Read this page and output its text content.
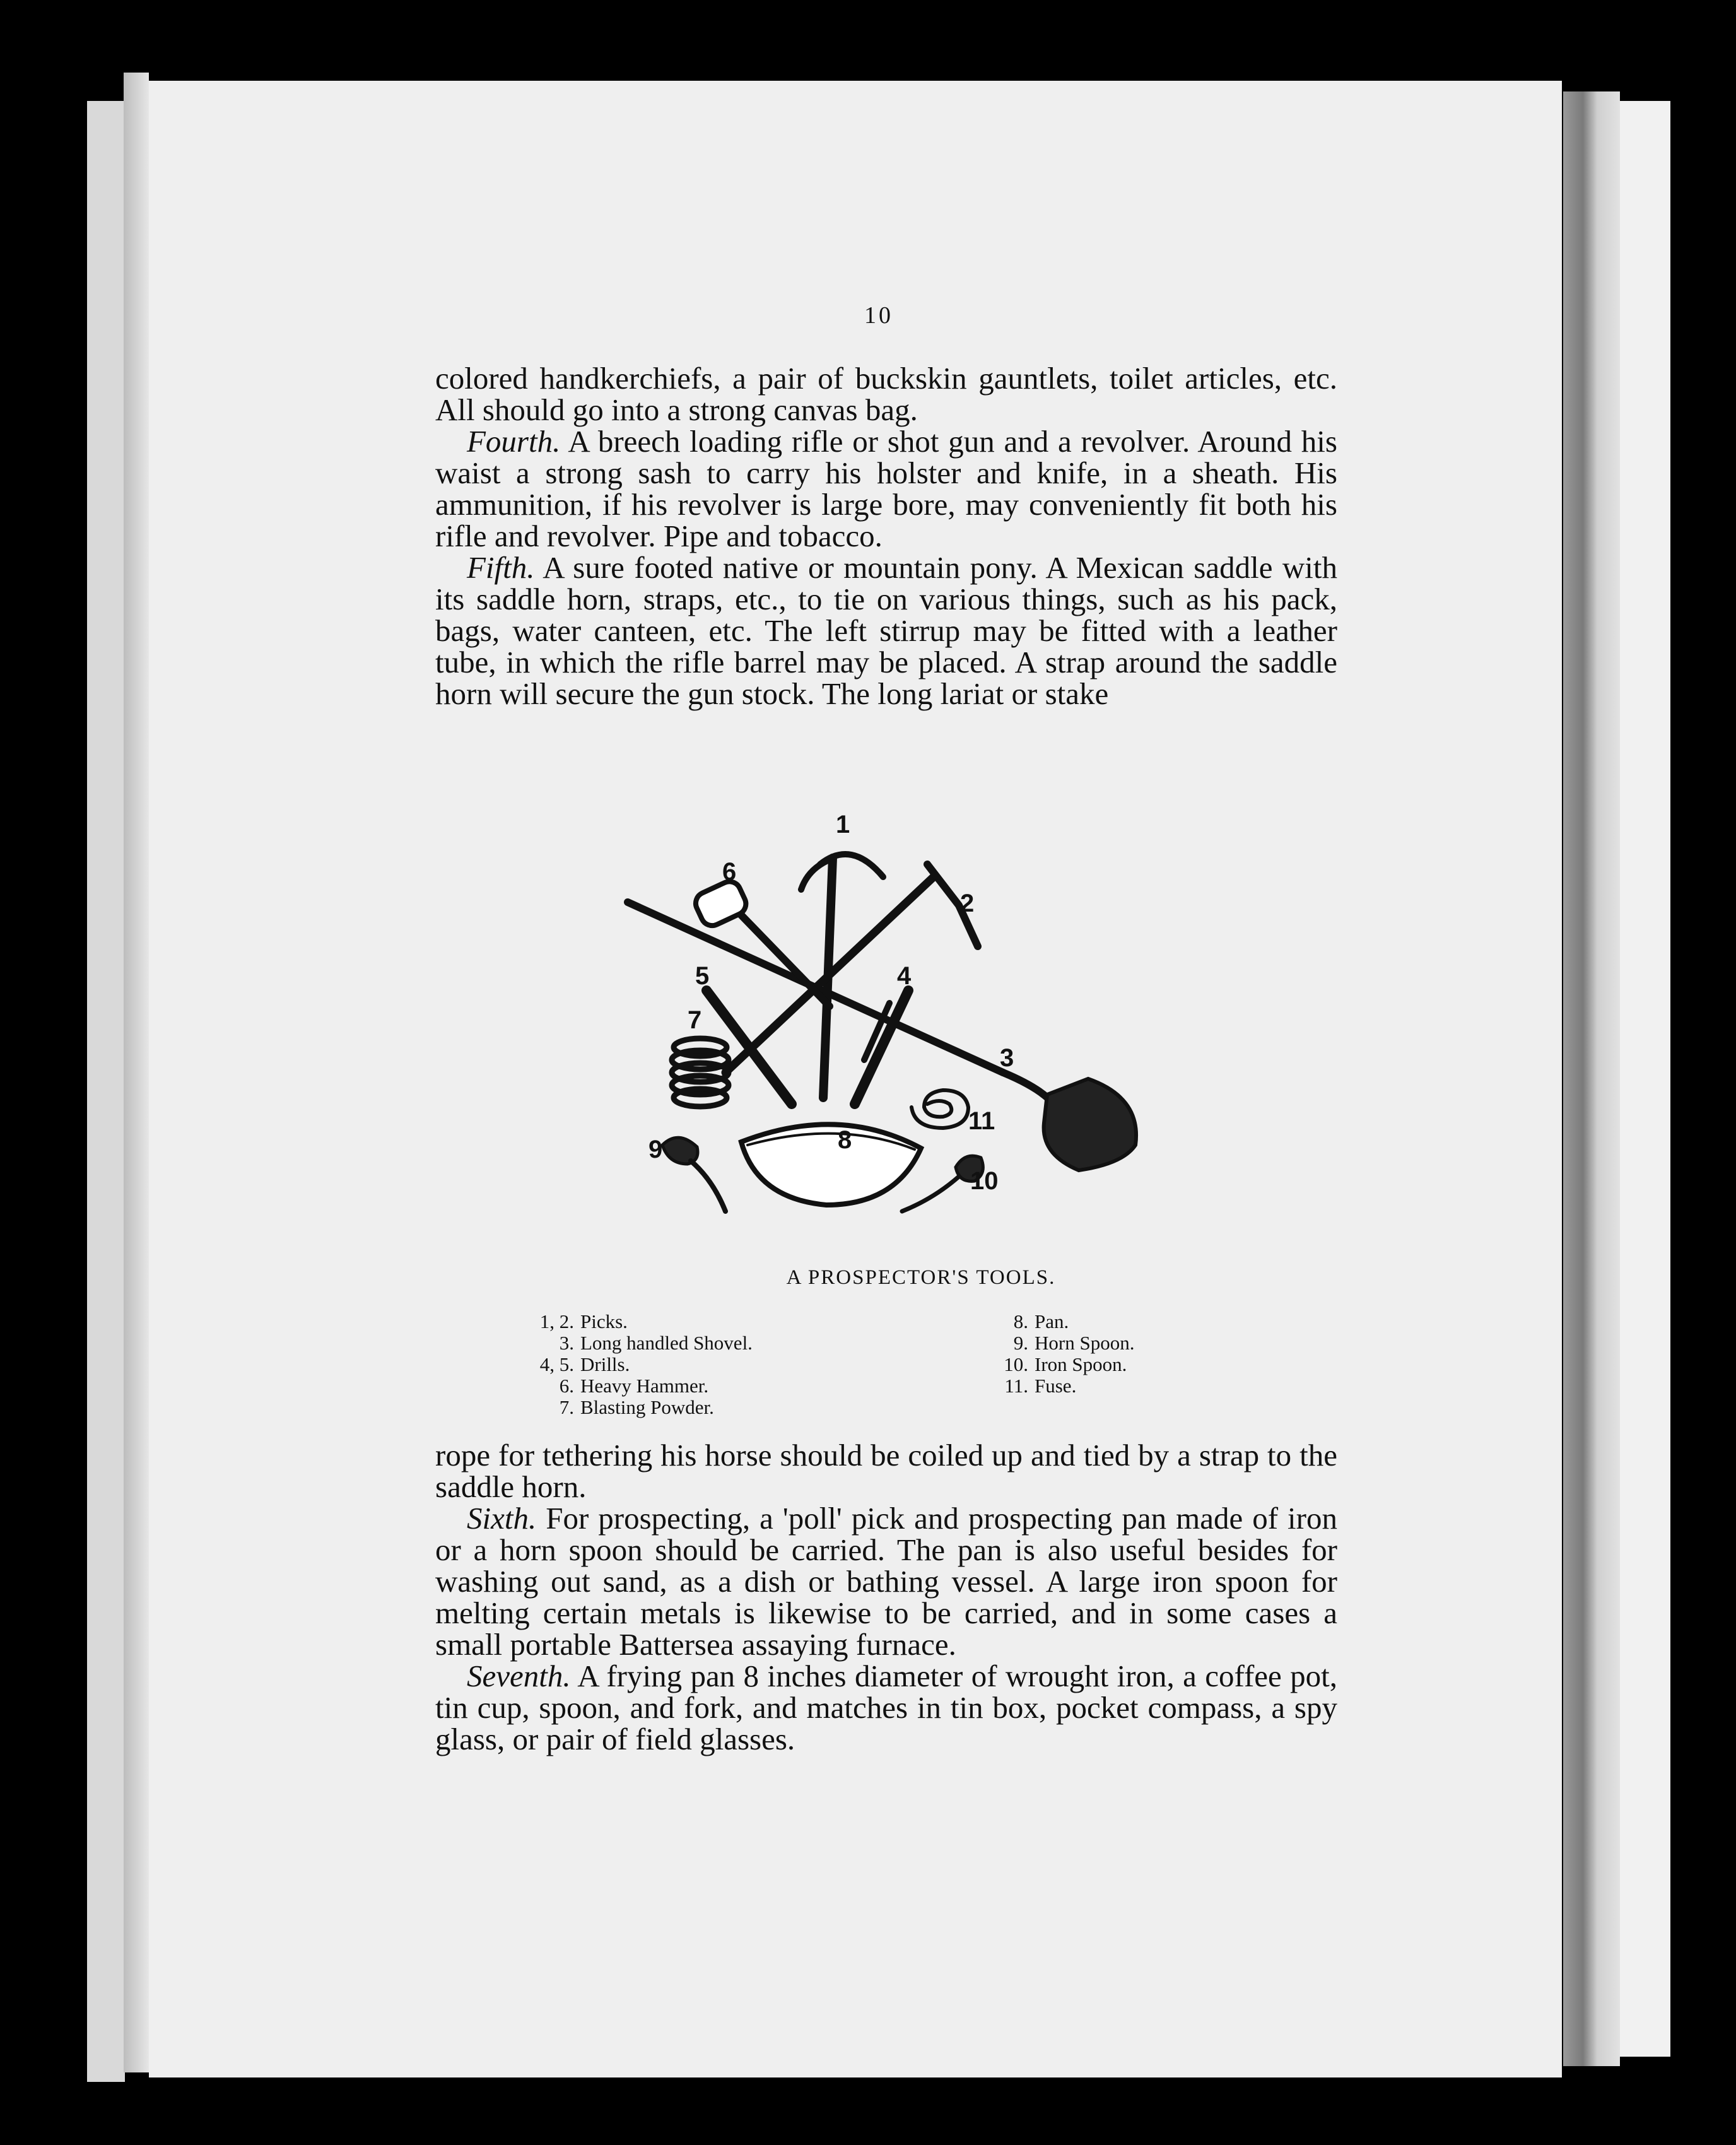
10

colored handkerchiefs, a pair of buckskin gauntlets, toilet articles, etc. All should go into a strong canvas bag.

Fourth. A breech loading rifle or shot gun and a revolver. Around his waist a strong sash to carry his holster and knife, in a sheath. His ammunition, if his revolver is large bore, may conveniently fit both his rifle and revolver. Pipe and tobacco.

Fifth. A sure footed native or mountain pony. A Mexican saddle with its saddle horn, straps, etc., to tie on various things, such as his pack, bags, water canteen, etc. The left stirrup may be fitted with a leather tube, in which the rifle barrel may be placed. A strap around the saddle horn will secure the gun stock. The long lariat or stake

1
2
3
4
5
6
7
8
9
10
11
A PROSPECTOR'S TOOLS.
1, 2. Picks.
3. Long handled Shovel.
4, 5. Drills.
6. Heavy Hammer.
7. Blasting Powder.
8. Pan.
9. Horn Spoon.
10. Iron Spoon.
11. Fuse.

rope for tethering his horse should be coiled up and tied by a strap to the saddle horn.

Sixth. For prospecting, a 'poll' pick and prospecting pan made of iron or a horn spoon should be carried. The pan is also useful besides for washing out sand, as a dish or bathing vessel. A large iron spoon for melting certain metals is likewise to be carried, and in some cases a small portable Battersea assaying furnace.

Seventh. A frying pan 8 inches diameter of wrought iron, a coffee pot, tin cup, spoon, and fork, and matches in tin box, pocket compass, a spy glass, or pair of field glasses.
